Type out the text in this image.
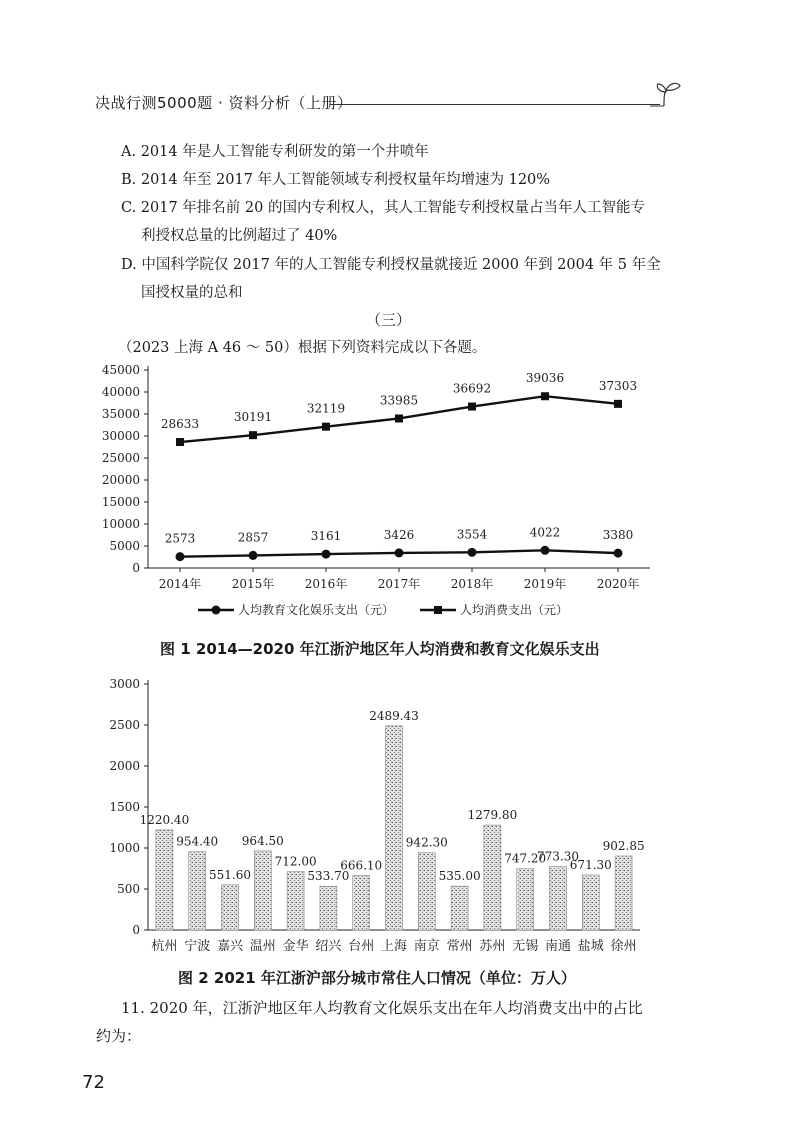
决战行测5000题 · 资料分析（上册）
A. 2014 年是人工智能专利研发的第一个井喷年
B. 2014 年至 2017 年人工智能领域专利授权量年均增速为 120%
C. 2017 年排名前 20 的国内专利权人，其人工智能专利授权量占当年人工智能专
利授权总量的比例超过了 40%
D. 中国科学院仅 2017 年的人工智能专利授权量就接近 2000 年到 2004 年 5 年全
国授权量的总和
（三）
（2023 上海 A 46 ～ 50）根据下列资料完成以下各题。
0
5000
10000
15000
20000
25000
30000
35000
40000
45000
2014年	2015年	2016年	2017年	2018年	2019年	2020年
2573	2857	3161	3426	3554	4022	3380
28633	30191
32119
33985
36692
39036
37303
人均教育文化娱乐支出（元）	人均消费支出（元）
图 1 2014—2020 年江浙沪地区年人均消费和教育文化娱乐支出
0
500
1000
1500
2000
2500
3000
1220.40
杭州
954.40
宁波
551.60
嘉兴
964.50
温州
712.00
金华
533.70
绍兴
666.10
台州
2489.43
上海
942.30
南京
535.00
常州
1279.80
苏州
747.20
无锡
773.30
南通
671.30
盐城
902.85
徐州
图 2 2021 年江浙沪部分城市常住人口情况（单位：万人）
11. 2020 年，江浙沪地区年人均教育文化娱乐支出在年人均消费支出中的占比
约为：
72
